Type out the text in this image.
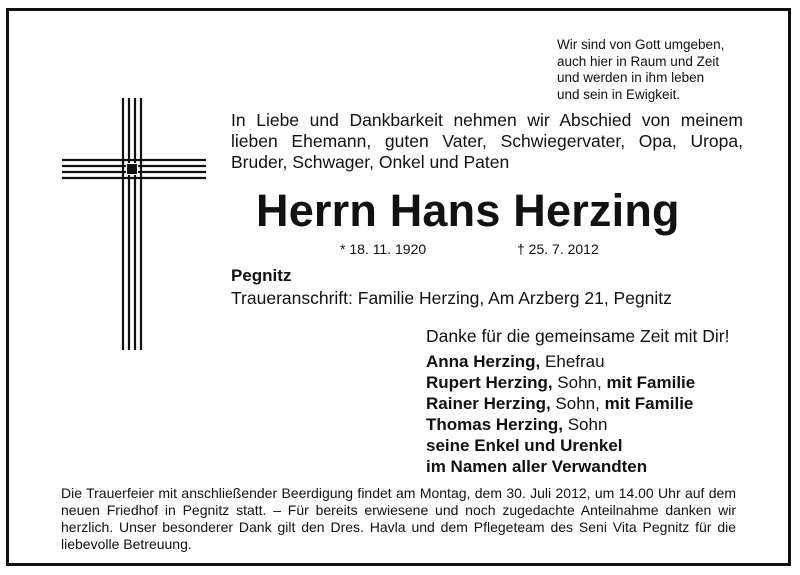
Wir sind von Gott umgeben,
auch hier in Raum und Zeit
und werden in ihm leben
und sein in Ewigkeit.
In Liebe und Dankbarkeit nehmen wir Abschied von meinem lieben Ehemann, guten Vater, Schwiegervater, Opa, Uropa, Bruder, Schwager, Onkel und Paten
Herrn Hans Herzing
* 18. 11. 1920	† 25. 7. 2012
Pegnitz
Traueranschrift: Familie Herzing, Am Arzberg 21, Pegnitz
Danke für die gemeinsame Zeit mit Dir!
Anna Herzing, Ehefrau
Rupert Herzing, Sohn, mit Familie
Rainer Herzing, Sohn, mit Familie
Thomas Herzing, Sohn
seine Enkel und Urenkel
im Namen aller Verwandten
Die Trauerfeier mit anschließender Beerdigung findet am Montag, dem 30. Juli 2012, um 14.00 Uhr auf dem neuen Friedhof in Pegnitz statt. – Für bereits erwiesene und noch zugedachte Anteilnahme danken wir herzlich. Unser besonderer Dank gilt den Dres. Havla und dem Pflegeteam des Seni Vita Pegnitz für die liebevolle Betreuung.
